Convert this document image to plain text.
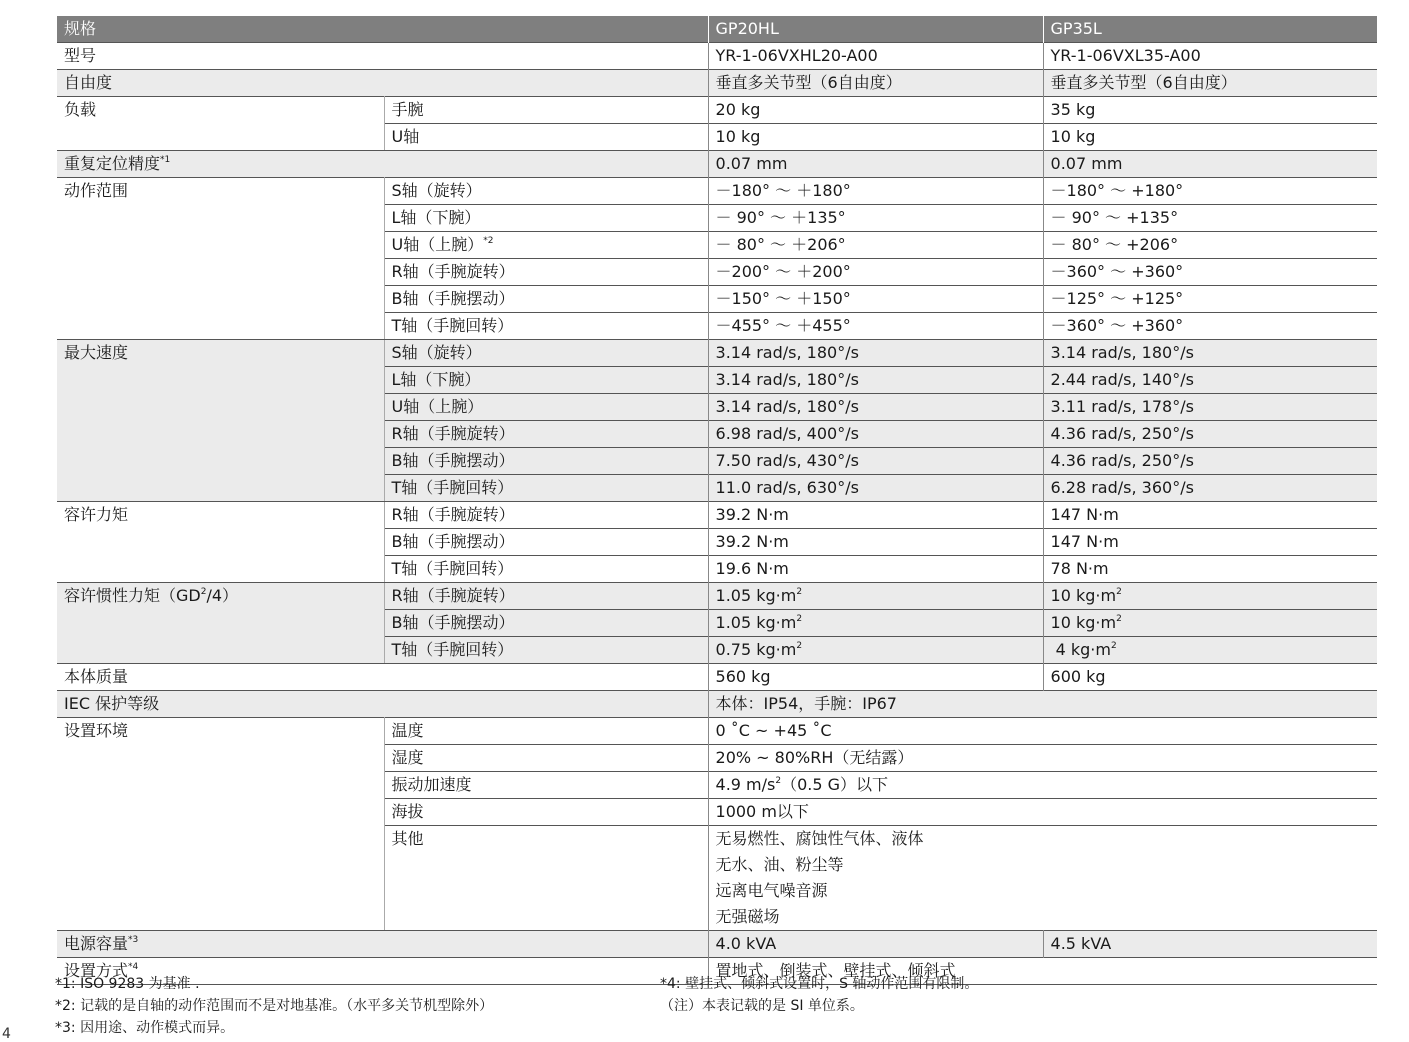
规格		GP20HL	GP35L
型号		YR-1-06VXHL20-A00	YR-1-06VXL35-A00
自由度		垂直多关节型（6自由度）	垂直多关节型（6自由度）
负载	手腕	20 kg	35 kg
	U轴	10 kg	10 kg
重复定位精度$^{*1}$		0.07 mm	0.07 mm
动作范围	S轴（旋转）	－180° ～ ＋180°	－180° ～ +180°
	L轴（下腕）	－ 90° ～ ＋135°	－ 90° ～ +135°
	U轴（上腕）$^{*2}$	－ 80° ～ ＋206°	－ 80° ～ +206°
	R轴（手腕旋转）	－200° ～ ＋200°	－360° ～ +360°
	B轴（手腕摆动）	－150° ～ ＋150°	－125° ～ +125°
	T轴（手腕回转）	－455° ～ ＋455°	－360° ～ +360°
最大速度	S轴（旋转）	3.14 rad/s, 180°/s	3.14 rad/s, 180°/s
	L轴（下腕）	3.14 rad/s, 180°/s	2.44 rad/s, 140°/s
	U轴（上腕）	3.14 rad/s, 180°/s	3.11 rad/s, 178°/s
	R轴（手腕旋转）	6.98 rad/s, 400°/s	4.36 rad/s, 250°/s
	B轴（手腕摆动）	7.50 rad/s, 430°/s	4.36 rad/s, 250°/s
	T轴（手腕回转）	11.0 rad/s, 630°/s	6.28 rad/s, 360°/s
容许力矩	R轴（手腕旋转）	39.2 N·m	147 N·m
	B轴（手腕摆动）	39.2 N·m	147 N·m
	T轴（手腕回转）	19.6 N·m	78 N·m
容许惯性力矩$(GD^2/4)$	R轴（手腕旋转）	1.05 $kg\cdot m^2$	10 $kg\cdot m^2$
	B轴（手腕摆动）	1.05 $kg\cdot m^2$	10 $kg\cdot m^2$
	T轴（手腕回转）	0.75 $kg\cdot m^2$	4 $kg\cdot m^2$
本体质量		560 kg	600 kg
IEC 保护等级		本体：IP54，手腕：IP67	
设置环境	温度	0 ˚C ~ +45 ˚C	
	湿度	20% ~ 80%RH（无结露）	
	振动加速度	4.9 $m/s^2(0.5$ G）以下	
	海拔	1000 m以下	
	其他	无易燃性、腐蚀性气体、液体
无水、油、粉尘等
远离电气噪音源
无强磁场	

电源容量$^{*3}$		4.0 kVA	4.5 kVA
设置方式$^{*4}$		置地式、倒装式、壁挂式、倾斜式	
*1: ISO 9283 为基准 .
*2: 记载的是自轴的动作范围而不是对地基准。（水平多关节机型除外）
*3: 因用途、动作模式而异。
*4: 壁挂式、倾斜式设置时，S 轴动作范围有限制。
（注）本表记载的是 SI 单位系。
4
